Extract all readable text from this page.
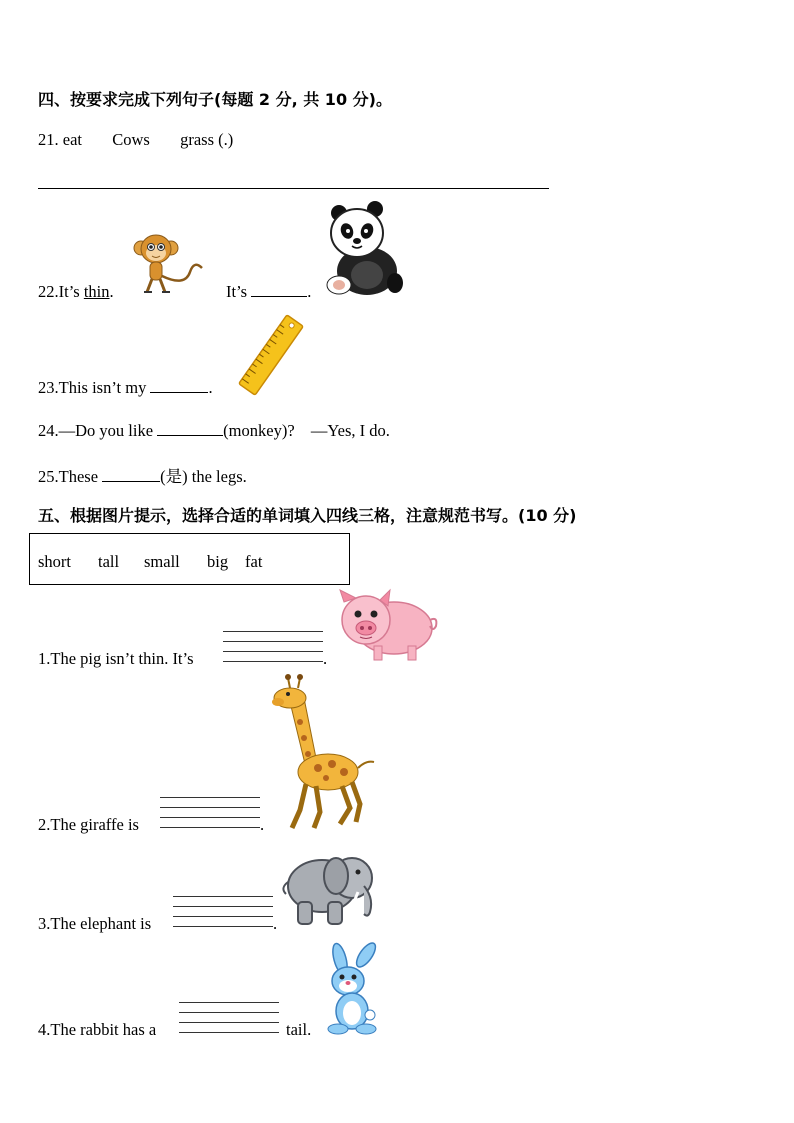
四、按要求完成下列句子(每题 2 分, 共 10 分)。
21. eat Cows grass (.)
22.It’s thin.	It’s	.
23.This isn’t my	.
24.—Do you like	(monkey)? —Yes, I do.
25.These	(是) the legs.
五、根据图片提示，选择合适的单词填入四线三格，注意规范书写。(10 分)
short tall small big fat
1.The pig isn’t thin. It’s	.
2.The giraffe is	.
3.The elephant is	.
4.The rabbit has a	tail.
